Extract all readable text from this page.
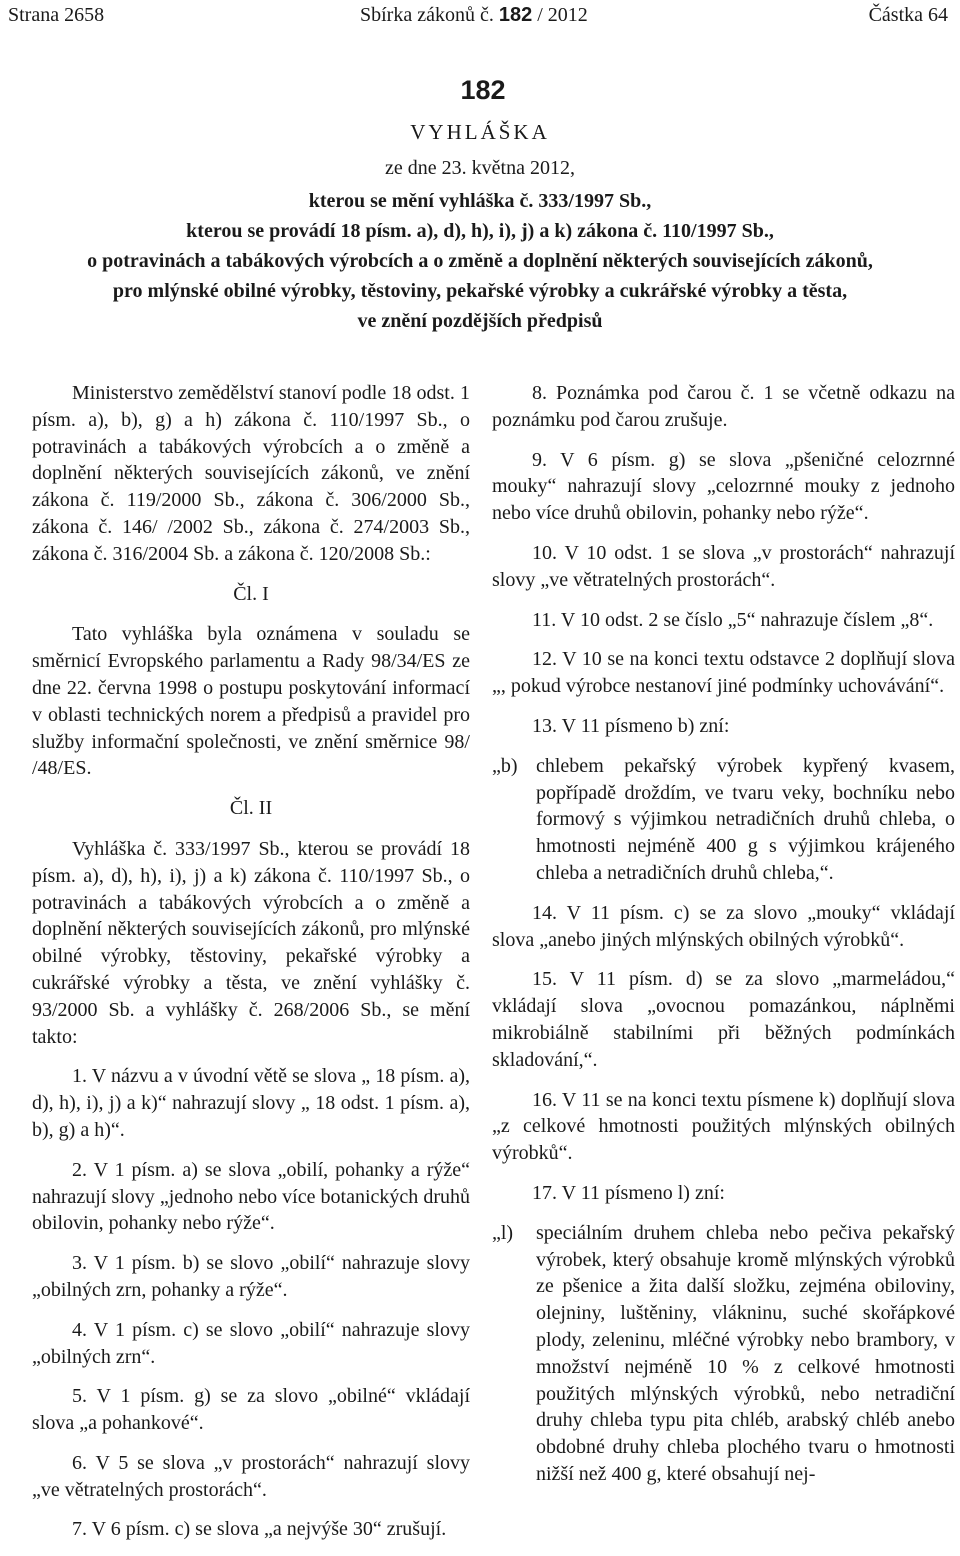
Strana 2658	Sbírka zákonů č. 182 / 2012	Částka 64
182
VYHLÁŠKA
ze dne 23. května 2012,
kterou se mění vyhláška č. 333/1997 Sb.,
kterou se provádí 18 písm. a), d), h), i), j) a k) zákona č. 110/1997 Sb.,
o potravinách a tabákových výrobcích a o změně a doplnění některých souvisejících zákonů,
pro mlýnské obilné výrobky, těstoviny, pekařské výrobky a cukrářské výrobky a těsta,
ve znění pozdějších předpisů

Ministerstvo zemědělství stanoví podle 18 odst. 1 písm. a), b), g) a h) zákona č. 110/1997 Sb., o potravinách a tabákových výrobcích a o změně a doplnění některých souvisejících zákonů, ve znění zákona č. 119/2000 Sb., zákona č. 306/2000 Sb., zákona č. 146/ /2002 Sb., zákona č. 274/2003 Sb., zákona č. 316/2004 Sb. a zákona č. 120/2008 Sb.:

Čl. I

Tato vyhláška byla oznámena v souladu se směrnicí Evropského parlamentu a Rady 98/34/ES ze dne 22. června 1998 o postupu poskytování informací v oblasti technických norem a předpisů a pravidel pro služby informační společnosti, ve znění směrnice 98/ /48/ES.

Čl. II

Vyhláška č. 333/1997 Sb., kterou se provádí 18 písm. a), d), h), i), j) a k) zákona č. 110/1997 Sb., o potravinách a tabákových výrobcích a o změně a doplnění některých souvisejících zákonů, pro mlýnské obilné výrobky, těstoviny, pekařské výrobky a cukrářské výrobky a těsta, ve znění vyhlášky č. 93/2000 Sb. a vyhlášky č. 268/2006 Sb., se mění takto:

1. V názvu a v úvodní větě se slova „ 18 písm. a), d), h), i), j) a k)“ nahrazují slovy „ 18 odst. 1 písm. a), b), g) a h)“.

2. V 1 písm. a) se slova „obilí, pohanky a rýže“ nahrazují slovy „jednoho nebo více botanických druhů obilovin, pohanky nebo rýže“.

3. V 1 písm. b) se slovo „obilí“ nahrazuje slovy „obilných zrn, pohanky a rýže“.

4. V 1 písm. c) se slovo „obilí“ nahrazuje slovy „obilných zrn“.

5. V 1 písm. g) se za slovo „obilné“ vkládají slova „a pohankové“.

6. V 5 se slova „v prostorách“ nahrazují slovy „ve větratelných prostorách“.

7. V 6 písm. c) se slova „a nejvýše 30“ zrušují.

8. Poznámka pod čarou č. 1 se včetně odkazu na poznámku pod čarou zrušuje.

9. V 6 písm. g) se slova „pšeničné celozrnné mouky“ nahrazují slovy „celozrnné mouky z jednoho nebo více druhů obilovin, pohanky nebo rýže“.

10. V 10 odst. 1 se slova „v prostorách“ nahrazují slovy „ve větratelných prostorách“.

11. V 10 odst. 2 se číslo „5“ nahrazuje číslem „8“.

12. V 10 se na konci textu odstavce 2 doplňují slova „, pokud výrobce nestanoví jiné podmínky uchovávání“.

13. V 11 písmeno b) zní:

„b) chlebem pekařský výrobek kypřený kvasem, popřípadě droždím, ve tvaru veky, bochníku nebo formový s výjimkou netradičních druhů chleba, o hmotnosti nejméně 400 g s výjimkou krájeného chleba a netradičních druhů chleba,“.

14. V 11 písm. c) se za slovo „mouky“ vkládají slova „anebo jiných mlýnských obilných výrobků“.

15. V 11 písm. d) se za slovo „marmeládou,“ vkládají slova „ovocnou pomazánkou, náplněmi mikrobiálně stabilními při běžných podmínkách skladování,“.

16. V 11 se na konci textu písmene k) doplňují slova „z celkové hmotnosti použitých mlýnských obilných výrobků“.

17. V 11 písmeno l) zní:

„l)	speciálním druhem chleba nebo pečiva pekařský výrobek, který obsahuje kromě mlýnských výrobků ze pšenice a žita další složku, zejména obiloviny, olejniny, luštěniny, vlákninu, suché skořápkové plody, zeleninu, mléčné výrobky nebo brambory, v množství nejméně 10 % z celkové hmotnosti použitých mlýnských výrobků, nebo netradiční druhy chleba typu pita chléb, arabský chléb anebo obdobné druhy chleba plochého tvaru o hmotnosti nižší než 400 g, které obsahují nej-
